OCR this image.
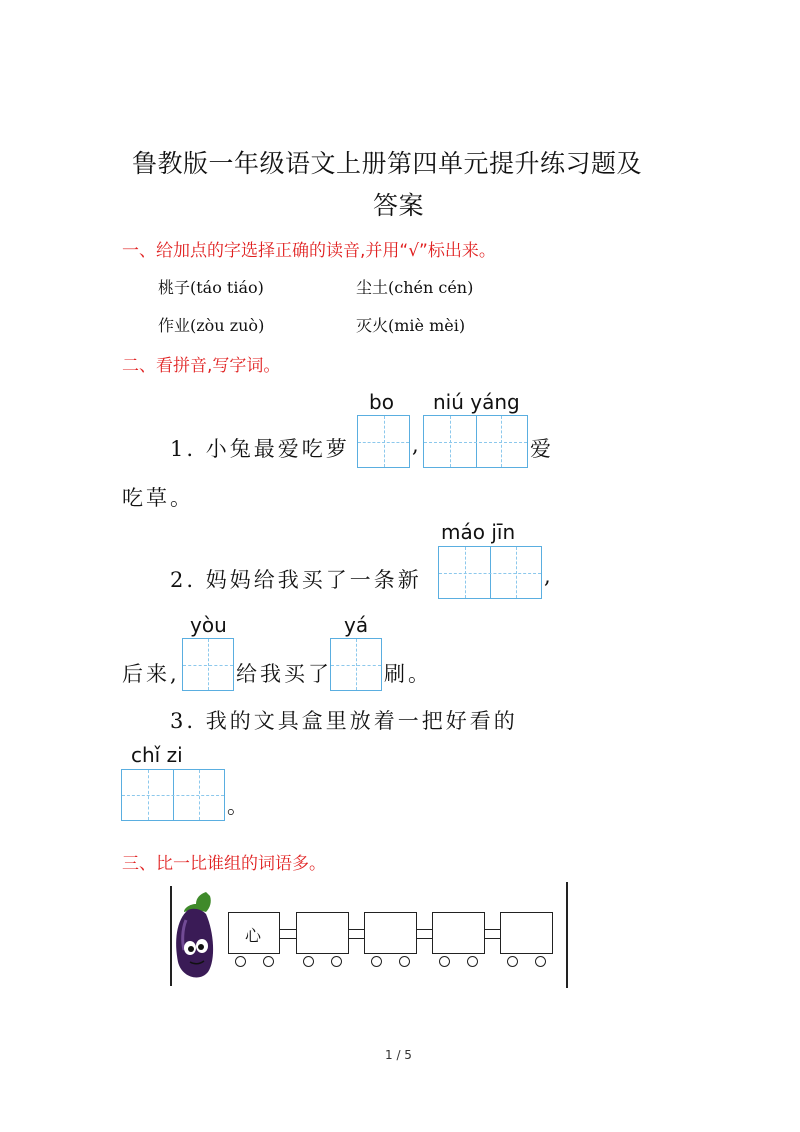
鲁教版一年级语文上册第四单元提升练习题及
答案
一、给加点的字选择正确的读音,并用“√”标出来。
桃子(táo tiáo)	尘土(chén cén)
作业(zòu zuò)	灭火(miè mèi)
二、看拼音,写字词。
bo niú yáng
1. 小兔最爱吃萝	,	爱
吃草。
máo jīn
2. 妈妈给我买了一条新	,
yòu	yá
后来,	给我买了 刷。
3. 我的文具盒里放着一把好看的
chǐ zi
。
三、比一比谁组的词语多。
心
1 / 5
